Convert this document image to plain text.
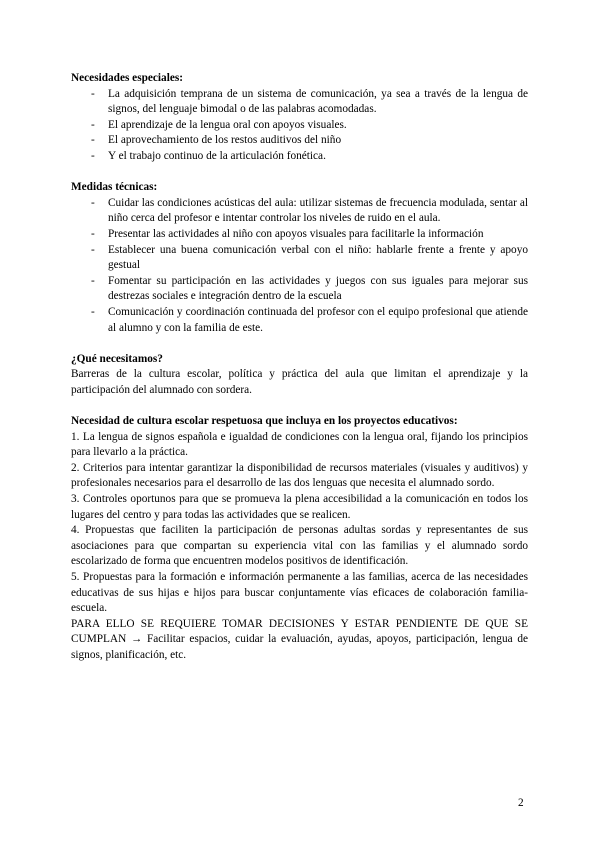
Necesidades especiales:

- La adquisición temprana de un sistema de comunicación, ya sea a través de la lengua de signos, del lenguaje bimodal o de las palabras acomodadas.
- El aprendizaje de la lengua oral con apoyos visuales.
- El aprovechamiento de los restos auditivos del niño
- Y el trabajo continuo de la articulación fonética.

Medidas técnicas:

- Cuidar las condiciones acústicas del aula: utilizar sistemas de frecuencia modulada, sentar al niño cerca del profesor e intentar controlar los niveles de ruido en el aula.
- Presentar las actividades al niño con apoyos visuales para facilitarle la información
- Establecer una buena comunicación verbal con el niño: hablarle frente a frente y apoyo gestual
- Fomentar su participación en las actividades y juegos con sus iguales para mejorar sus destrezas sociales e integración dentro de la escuela
- Comunicación y coordinación continuada del profesor con el equipo profesional que atiende al alumno y con la familia de este.

¿Qué necesitamos?

Barreras de la cultura escolar, política y práctica del aula que limitan el aprendizaje y la participación del alumnado con sordera.

Necesidad de cultura escolar respetuosa que incluya en los proyectos educativos:

1. La lengua de signos española e igualdad de condiciones con la lengua oral, fijando los principios para llevarlo a la práctica.

2. Criterios para intentar garantizar la disponibilidad de recursos materiales (visuales y auditivos) y profesionales necesarios para el desarrollo de las dos lenguas que necesita el alumnado sordo.

3. Controles oportunos para que se promueva la plena accesibilidad a la comunicación en todos los lugares del centro y para todas las actividades que se realicen.

4. Propuestas que faciliten la participación de personas adultas sordas y representantes de sus asociaciones para que compartan su experiencia vital con las familias y el alumnado sordo escolarizado de forma que encuentren modelos positivos de identificación.

5. Propuestas para la formación e información permanente a las familias, acerca de las necesidades educativas de sus hijas e hijos para buscar conjuntamente vías eficaces de colaboración familia-escuela.

PARA ELLO SE REQUIERE TOMAR DECISIONES Y ESTAR PENDIENTE DE QUE SE CUMPLAN → Facilitar espacios, cuidar la evaluación, ayudas, apoyos, participación, lengua de signos, planificación, etc.

2
